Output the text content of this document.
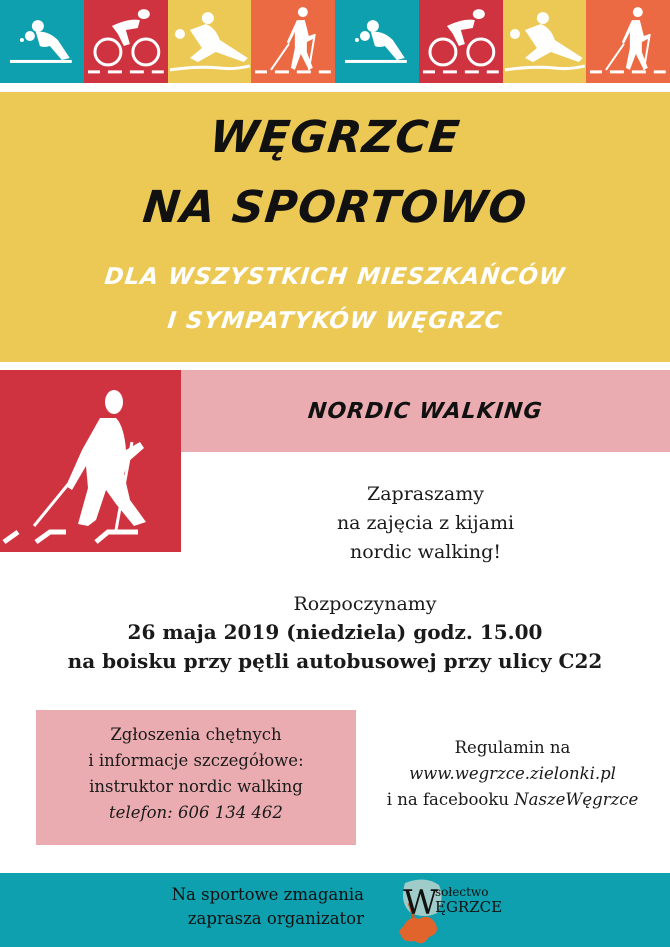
WĘGRZCE
NA SPORTOWO
DLA WSZYSTKICH MIESZKAŃCÓW
I SYMPATYKÓW WĘGRZC
NORDIC WALKING
Zapraszamy
na zajęcia z kijami
nordic walking!
Rozpoczynamy
26 maja 2019 (niedziela) godz. 15.00
na boisku przy pętli autobusowej przy ulicy C22
Zgłoszenia chętnych
i informacje szczegółowe:
instruktor nordic walking
telefon: 606 134 462
Regulamin na
www.wegrzce.zielonki.pl
i na facebooku NaszeWęgrzce
Na sportowe zmagania
zaprasza organizator W
sołectwo
ĘGRZCE
